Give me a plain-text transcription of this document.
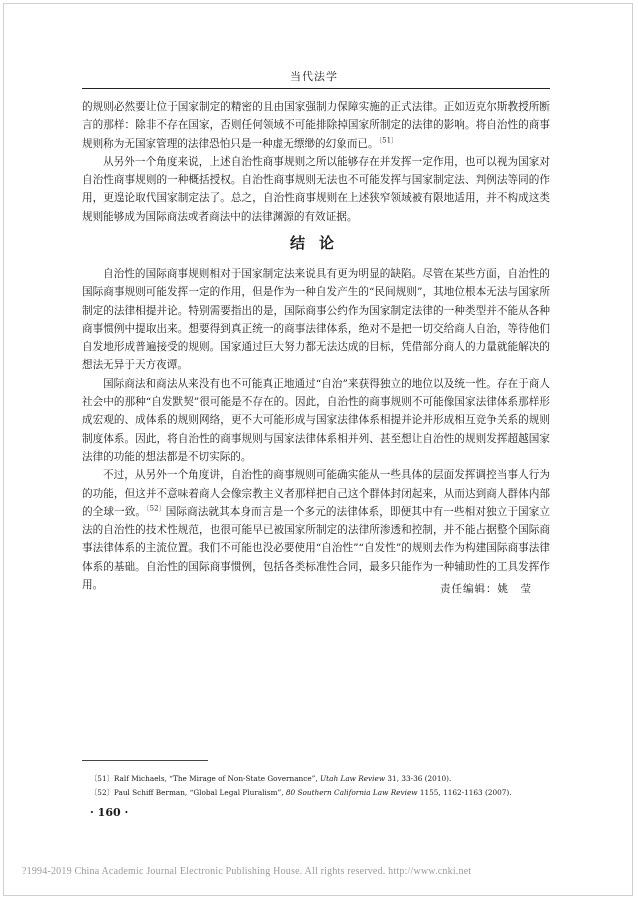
当代法学

的规则必然要让位于国家制定的精密的且由国家强制力保障实施的正式法律。正如迈克尔斯教授所断言的那样：除非不存在国家，否则任何领域不可能排除掉国家所制定的法律的影响。将自治性的商事规则称为无国家管理的法律恐怕只是一种虚无缥缈的幻象而已。$^{〔51〕}$

从另外一个角度来说，上述自治性商事规则之所以能够存在并发挥一定作用，也可以视为国家对自治性商事规则的一种概括授权。自治性商事规则无法也不可能发挥与国家制定法、判例法等同的作用，更遑论取代国家制定法了。总之，自治性商事规则在上述狭窄领域被有限地适用，并不构成这类规则能够成为国际商法或者商法中的法律渊源的有效证据。

结论

自治性的国际商事规则相对于国家制定法来说具有更为明显的缺陷。尽管在某些方面，自治性的国际商事规则可能发挥一定的作用，但是作为一种自发产生的“民间规则”，其地位根本无法与国家所制定的法律相提并论。特别需要指出的是，国际商事公约作为国家制定法律的一种类型并不能从各种商事惯例中提取出来。想要得到真正统一的商事法律体系，绝对不是把一切交给商人自治，等待他们自发地形成普遍接受的规则。国家通过巨大努力都无法达成的目标，凭借部分商人的力量就能解决的想法无异于天方夜谭。

国际商法和商法从来没有也不可能真正地通过“自治”来获得独立的地位以及统一性。存在于商人社会中的那种“自发默契”很可能是不存在的。因此，自治性的商事规则不可能像国家法律体系那样形成宏观的、成体系的规则网络，更不大可能形成与国家法律体系相提并论并形成相互竞争关系的规则制度体系。因此，将自治性的商事规则与国家法律体系相并列、甚至想让自治性的规则发挥超越国家法律的功能的想法都是不切实际的。

不过，从另外一个角度讲，自治性的商事规则可能确实能从一些具体的层面发挥调控当事人行为的功能，但这并不意味着商人会像宗教主义者那样把自己这个群体封闭起来，从而达到商人群体内部的全球一致。$^{〔52〕}$国际商法就其本身而言是一个多元的法律体系，即便其中有一些相对独立于国家立法的自治性的技术性规范，也很可能早已被国家所制定的法律所渗透和控制，并不能占据整个国际商事法律体系的主流位置。我们不可能也没必要使用“自治性”“自发性”的规则去作为构建国际商事法律体系的基础。自治性的国际商事惯例，包括各类标准性合同，最多只能作为一种辅助性的工具发挥作用。	责任编辑：姚　莹
〔51〕Ralf Michaels, “The Mirage of Non-State Governance”, Utah Law Review 31, 33-36 (2010).
〔52〕Paul Schiff Berman, “Global Legal Pluralism”, 80 Southern California Law Review 1155, 1162-1163 (2007).
· 160 ·
?1994-2019 China Academic Journal Electronic Publishing House. All rights reserved. http://www.cnki.net
